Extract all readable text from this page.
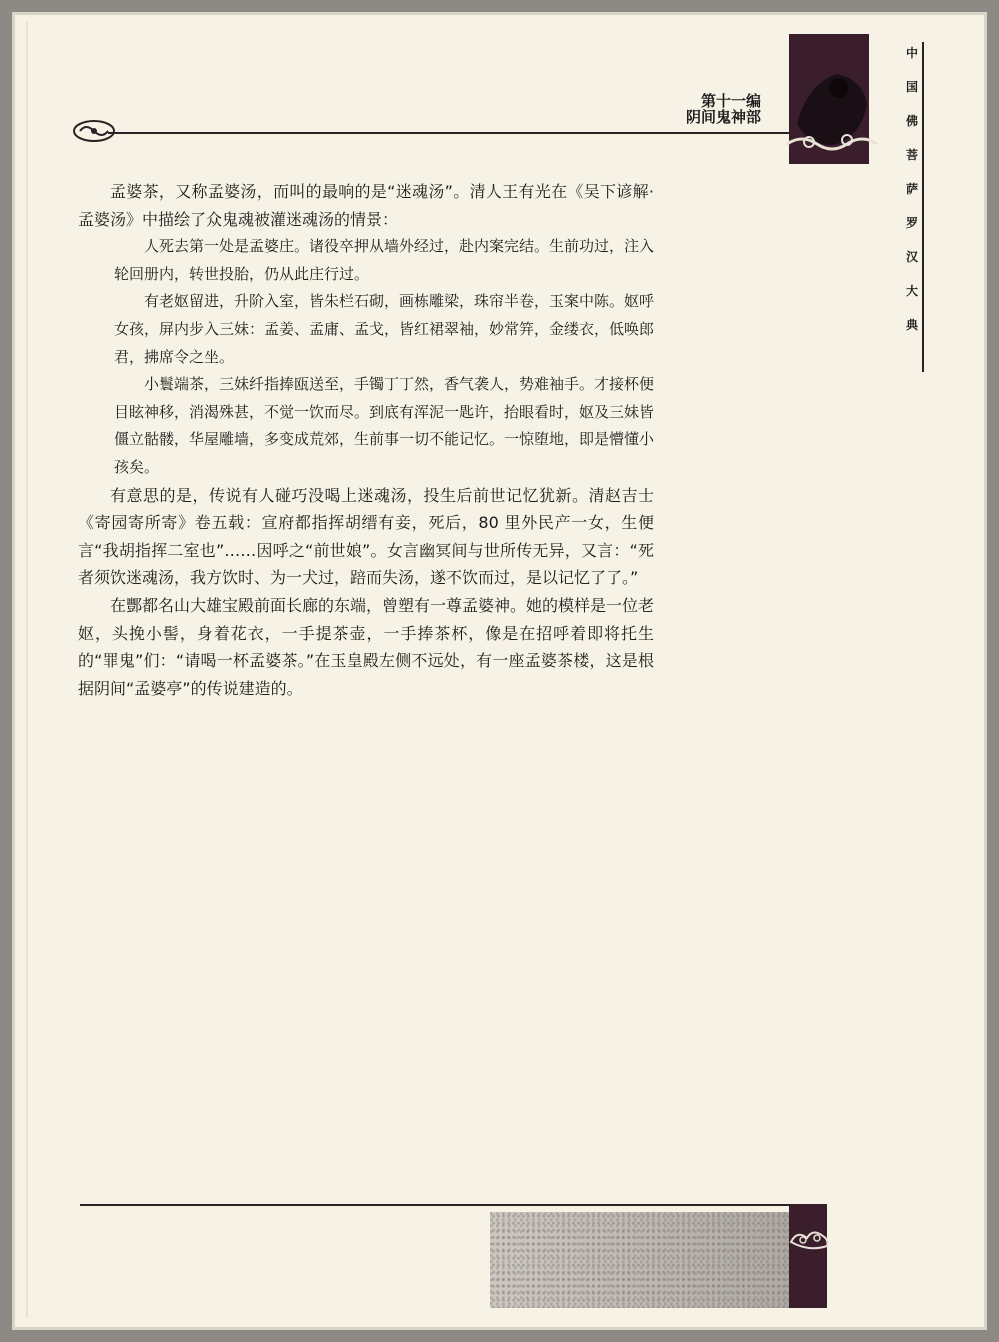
第十一编
阴间鬼神部
中
国
佛
菩
萨
罗
汉
大
典

孟婆茶，又称孟婆汤，而叫的最响的是“迷魂汤”。清人王有光在《吴下谚解·孟婆汤》中描绘了众鬼魂被灌迷魂汤的情景：

人死去第一处是孟婆庄。诸役卒押从墙外经过，赴内案完结。生前功过，注入轮回册内，转世投胎，仍从此庄行过。

有老妪留进，升阶入室，皆朱栏石砌，画栋雕梁，珠帘半卷，玉案中陈。妪呼女孩，屏内步入三妹：孟姜、孟庸、孟戈，皆红裙翠袖，妙常笄，金缕衣，低唤郎君，拂席令之坐。

小鬟端茶，三妹纤指捧瓯送至，手镯丁丁然，香气袭人，势难袖手。才接杯便目眩神移，消渴殊甚，不觉一饮而尽。到底有浑泥一匙许，抬眼看时，妪及三妹皆僵立骷髅，华屋雕墙，多变成荒郊，生前事一切不能记忆。一惊堕地，即是懵懂小孩矣。

有意思的是，传说有人碰巧没喝上迷魂汤，投生后前世记忆犹新。清赵吉士《寄园寄所寄》卷五载：宣府都指挥胡缙有妾，死后，80 里外民产一女，生便言“我胡指挥二室也”……因呼之“前世娘”。女言幽冥间与世所传无异，又言：“死者须饮迷魂汤，我方饮时、为一犬过，踣而失汤，遂不饮而过，是以记忆了了。”

在酆都名山大雄宝殿前面长廊的东端，曾塑有一尊孟婆神。她的模样是一位老妪，头挽小髻，身着花衣，一手提茶壶，一手捧茶杯，像是在招呼着即将托生的“罪鬼”们：“请喝一杯孟婆茶。”在玉皇殿左侧不远处，有一座孟婆茶楼，这是根据阴间“孟婆亭”的传说建造的。
